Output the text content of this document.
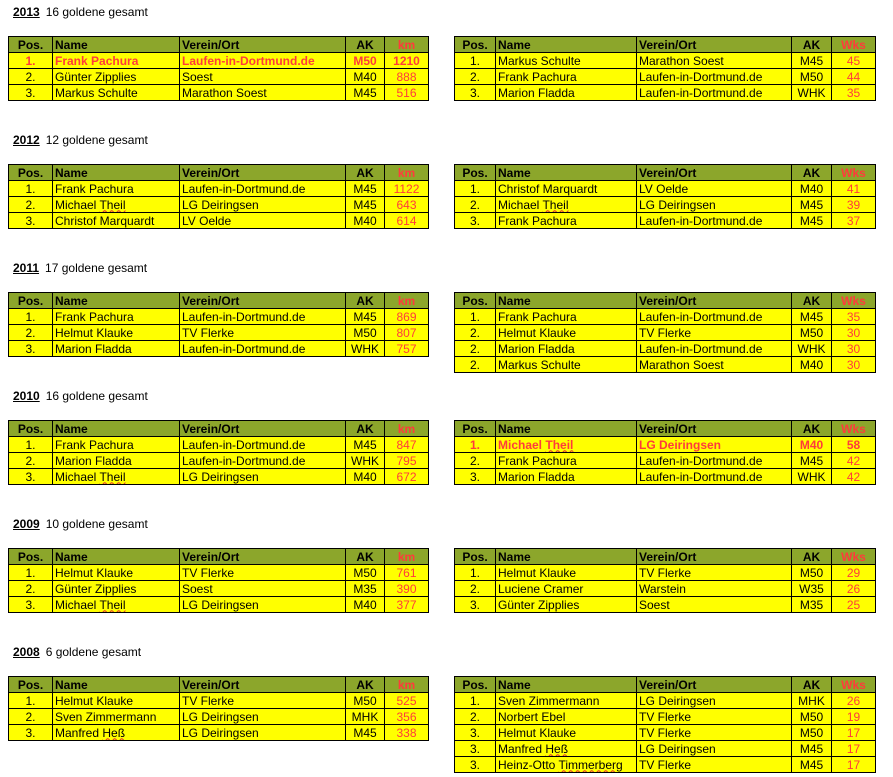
2013 16 goldene gesamt
Pos.	Name	Verein/Ort	AK	km
1.	Frank Pachura	Laufen-in-Dortmund.de	M50	1210
2.	Günter Zipplies	Soest	M40	888
3.	Markus Schulte	Marathon Soest	M45	516
Pos.	Name	Verein/Ort	AK	Wks
1.	Markus Schulte	Marathon Soest	M45	45
2.	Frank Pachura	Laufen-in-Dortmund.de	M50	44
3.	Marion Fladda	Laufen-in-Dortmund.de	WHK	35
2012 12 goldene gesamt
Pos.	Name	Verein/Ort	AK	km
1.	Frank Pachura	Laufen-in-Dortmund.de	M45	1122
2.	Michael Theil	LG Deiringsen	M45	643
3.	Christof Marquardt	LV Oelde	M40	614
Pos.	Name	Verein/Ort	AK	Wks
1.	Christof Marquardt	LV Oelde	M40	41
2.	Michael Theil	LG Deiringsen	M45	39
3.	Frank Pachura	Laufen-in-Dortmund.de	M45	37
2011 17 goldene gesamt
Pos.	Name	Verein/Ort	AK	km
1.	Frank Pachura	Laufen-in-Dortmund.de	M45	869
2.	Helmut Klauke	TV Flerke	M50	807
3.	Marion Fladda	Laufen-in-Dortmund.de	WHK	757
Pos.	Name	Verein/Ort	AK	Wks
1.	Frank Pachura	Laufen-in-Dortmund.de	M45	35
2.	Helmut Klauke	TV Flerke	M50	30
2.	Marion Fladda	Laufen-in-Dortmund.de	WHK	30
2.	Markus Schulte	Marathon Soest	M40	30
2010 16 goldene gesamt
Pos.	Name	Verein/Ort	AK	km
1.	Frank Pachura	Laufen-in-Dortmund.de	M45	847
2.	Marion Fladda	Laufen-in-Dortmund.de	WHK	795
3.	Michael Theil	LG Deiringsen	M40	672
Pos.	Name	Verein/Ort	AK	Wks
1.	Michael Theil	LG Deiringsen	M40	58
2.	Frank Pachura	Laufen-in-Dortmund.de	M45	42
3.	Marion Fladda	Laufen-in-Dortmund.de	WHK	42
2009 10 goldene gesamt
Pos.	Name	Verein/Ort	AK	km
1.	Helmut Klauke	TV Flerke	M50	761
2.	Günter Zipplies	Soest	M35	390
3.	Michael Theil	LG Deiringsen	M40	377
Pos.	Name	Verein/Ort	AK	Wks
1.	Helmut Klauke	TV Flerke	M50	29
2.	Luciene Cramer	Warstein	W35	26
3.	Günter Zipplies	Soest	M35	25
2008 6 goldene gesamt
Pos.	Name	Verein/Ort	AK	km
1.	Helmut Klauke	TV Flerke	M50	525
2.	Sven Zimmermann	LG Deiringsen	MHK	356
3.	Manfred Heß	LG Deiringsen	M45	338
Pos.	Name	Verein/Ort	AK	Wks
1.	Sven Zimmermann	LG Deiringsen	MHK	26
2.	Norbert Ebel	TV Flerke	M50	19
3.	Helmut Klauke	TV Flerke	M50	17
3.	Manfred Heß	LG Deiringsen	M45	17
3.	Heinz-Otto Timmerberg	TV Flerke	M45	17
